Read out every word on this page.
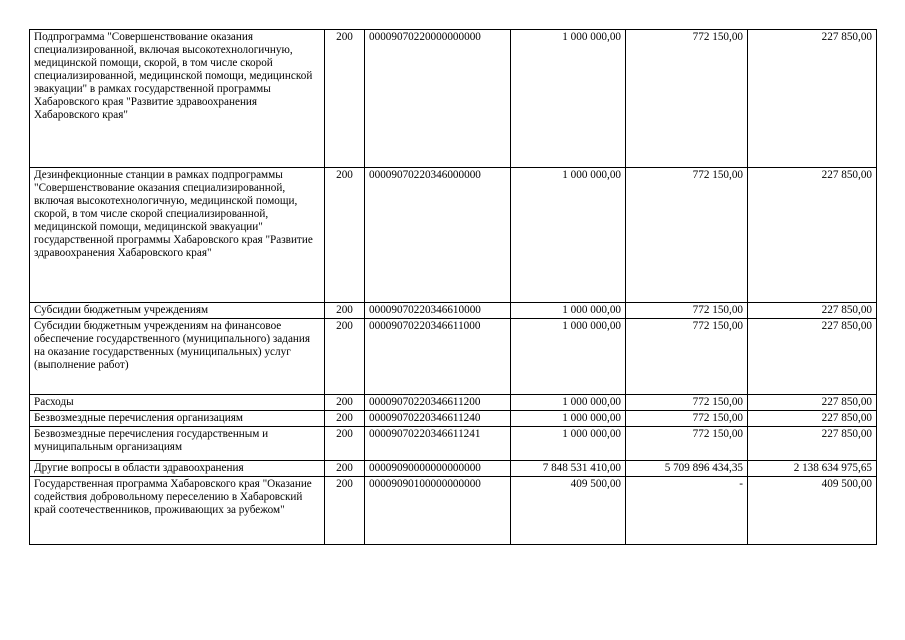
Подпрограмма "Совершенствование оказания специализированной, включая высокотехнологичную, медицинской помощи, скорой, в том числе скорой специализированной, медицинской помощи, медицинской эвакуации" в рамках государственной программы Хабаровского края "Развитие здравоохранения Хабаровского края"	200	00009070220000000000	1 000 000,00	772 150,00	227 850,00
Дезинфекционные станции в рамках подпрограммы "Совершенствование оказания специализированной, включая высокотехнологичную, медицинской помощи, скорой, в том числе скорой специализированной, медицинской помощи, медицинской эвакуации" государственной программы Хабаровского края "Развитие здравоохранения Хабаровского края"	200	00009070220346000000	1 000 000,00	772 150,00	227 850,00
Субсидии бюджетным учреждениям	200	00009070220346610000	1 000 000,00	772 150,00	227 850,00
Субсидии бюджетным учреждениям на финансовое обеспечение государственного (муниципального) задания на оказание государственных (муниципальных) услуг (выполнение работ)	200	00009070220346611000	1 000 000,00	772 150,00	227 850,00
Расходы	200	00009070220346611200	1 000 000,00	772 150,00	227 850,00
Безвозмездные перечисления организациям	200	00009070220346611240	1 000 000,00	772 150,00	227 850,00
Безвозмездные перечисления государственным и муниципальным организациям	200	00009070220346611241	1 000 000,00	772 150,00	227 850,00
Другие вопросы в области здравоохранения	200	00009090000000000000	7 848 531 410,00	5 709 896 434,35	2 138 634 975,65
Государственная программа Хабаровского края "Оказание содействия добровольному переселению в Хабаровский край соотечественников, проживающих за рубежом"	200	00009090100000000000	409 500,00	-	409 500,00
